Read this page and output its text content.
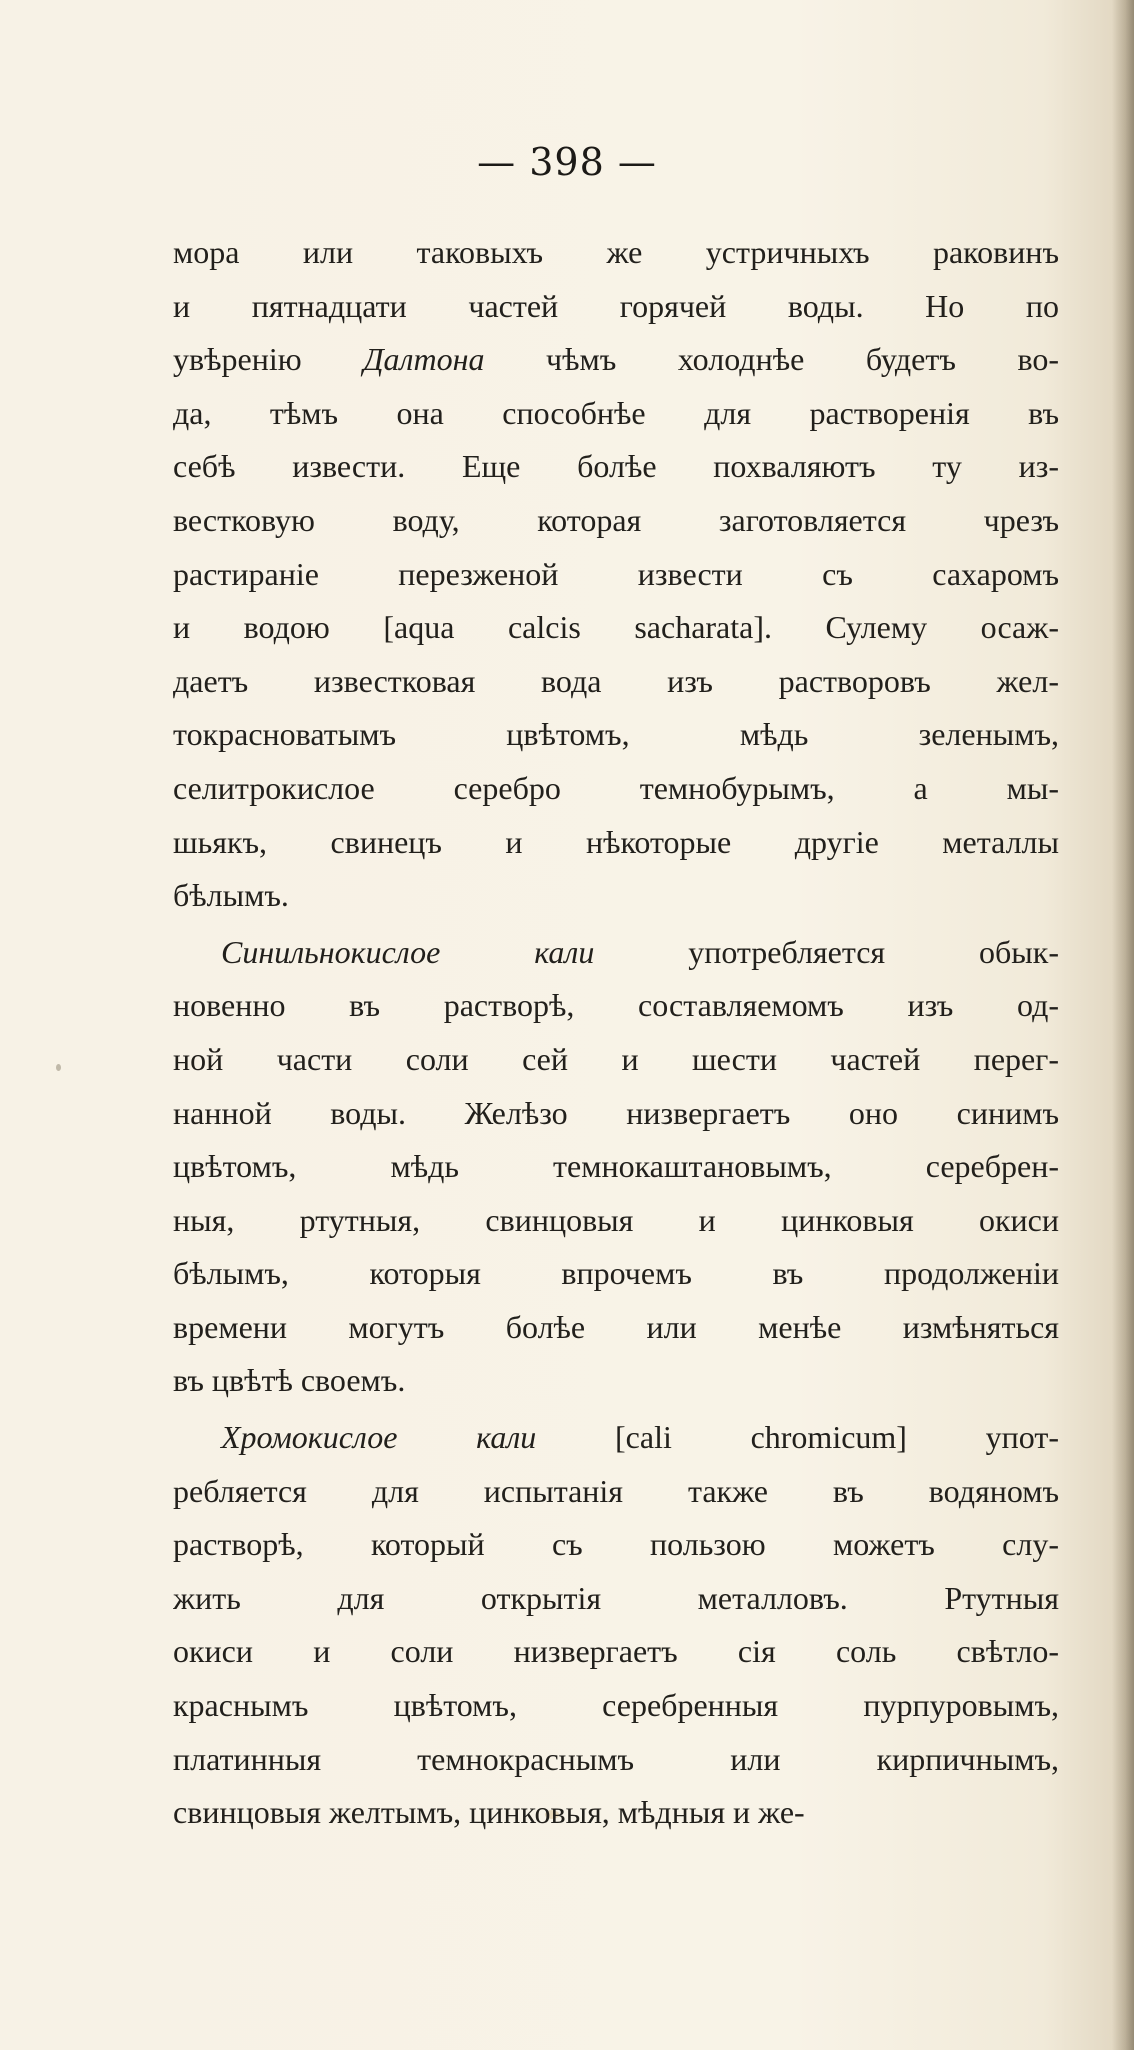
— 398 —
мора или таковыхъ же устричныхъ раковинъ
и пятнадцати частей горячей воды. Но по
увѣренію Далтона чѣмъ холоднѣе будетъ во-
да, тѣмъ она способнѣе для растворенія въ
себѣ извести. Еще болѣе похваляютъ ту из-
вестковую воду, которая заготовляется чрезъ
растираніе перезженой извести съ сахаромъ
и водою [aqua calcis sacharata]. Сулему осаж-
даетъ известковая вода изъ растворовъ жел-
токрасноватымъ цвѣтомъ, мѣдь зеленымъ,
селитрокислое серебро темнобурымъ, а мы-
шьякъ, свинецъ и нѣкоторые другіе металлы
бѣлымъ.
Синильнокислое кали употребляется обык-
новенно въ растворѣ, составляемомъ изъ од-
ной части соли сей и шести частей перег-
нанной воды. Желѣзо низвергаетъ оно синимъ
цвѣтомъ, мѣдь темнокаштановымъ, серебрен-
ныя, ртутныя, свинцовыя и цинковыя окиси
бѣлымъ, которыя впрочемъ въ продолженіи
времени могутъ болѣе или менѣе измѣняться
въ цвѣтѣ своемъ.
Хромокислое кали [cali chromicum] упот-
ребляется для испытанія также въ водяномъ
растворѣ, который съ пользою можетъ слу-
жить для открытія металловъ. Ртутныя
окиси и соли низвергаетъ сія соль свѣтло-
краснымъ цвѣтомъ, серебренныя пурпуровымъ,
платинныя темнокраснымъ или кирпичнымъ,
свинцовыя желтымъ, цинковыя, мѣдныя и же-
